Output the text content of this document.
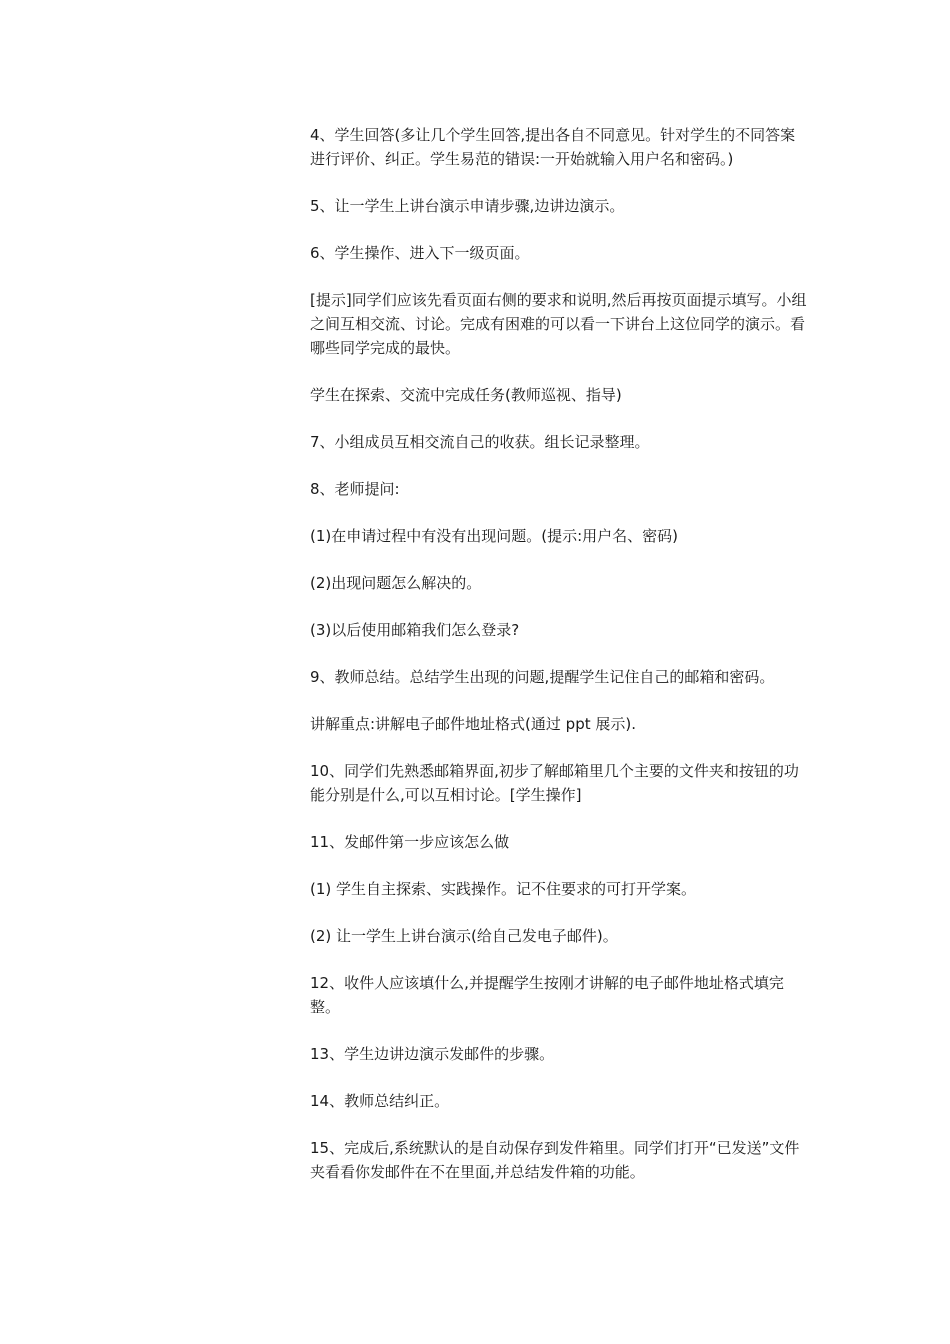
4、学生回答(多让几个学生回答,提出各自不同意见。针对学生的不同答案进行评价、纠正。学生易范的错误:一开始就输入用户名和密码。)

5、让一学生上讲台演示申请步骤,边讲边演示。

6、学生操作、进入下一级页面。

[提示]同学们应该先看页面右侧的要求和说明,然后再按页面提示填写。小组之间互相交流、讨论。完成有困难的可以看一下讲台上这位同学的演示。看哪些同学完成的最快。

学生在探索、交流中完成任务(教师巡视、指导)

7、小组成员互相交流自己的收获。组长记录整理。

8、老师提问:

(1)在申请过程中有没有出现问题。(提示:用户名、密码)

(2)出现问题怎么解决的。

(3)以后使用邮箱我们怎么登录?

9、教师总结。总结学生出现的问题,提醒学生记住自己的邮箱和密码。

讲解重点:讲解电子邮件地址格式(通过 ppt 展示).

10、同学们先熟悉邮箱界面,初步了解邮箱里几个主要的文件夹和按钮的功能分别是什么,可以互相讨论。[学生操作]

11、发邮件第一步应该怎么做

(1) 学生自主探索、实践操作。记不住要求的可打开学案。

(2) 让一学生上讲台演示(给自己发电子邮件)。

12、收件人应该填什么,并提醒学生按刚才讲解的电子邮件地址格式填完整。

13、学生边讲边演示发邮件的步骤。

14、教师总结纠正。

15、完成后,系统默认的是自动保存到发件箱里。同学们打开“已发送”文件夹看看你发邮件在不在里面,并总结发件箱的功能。
